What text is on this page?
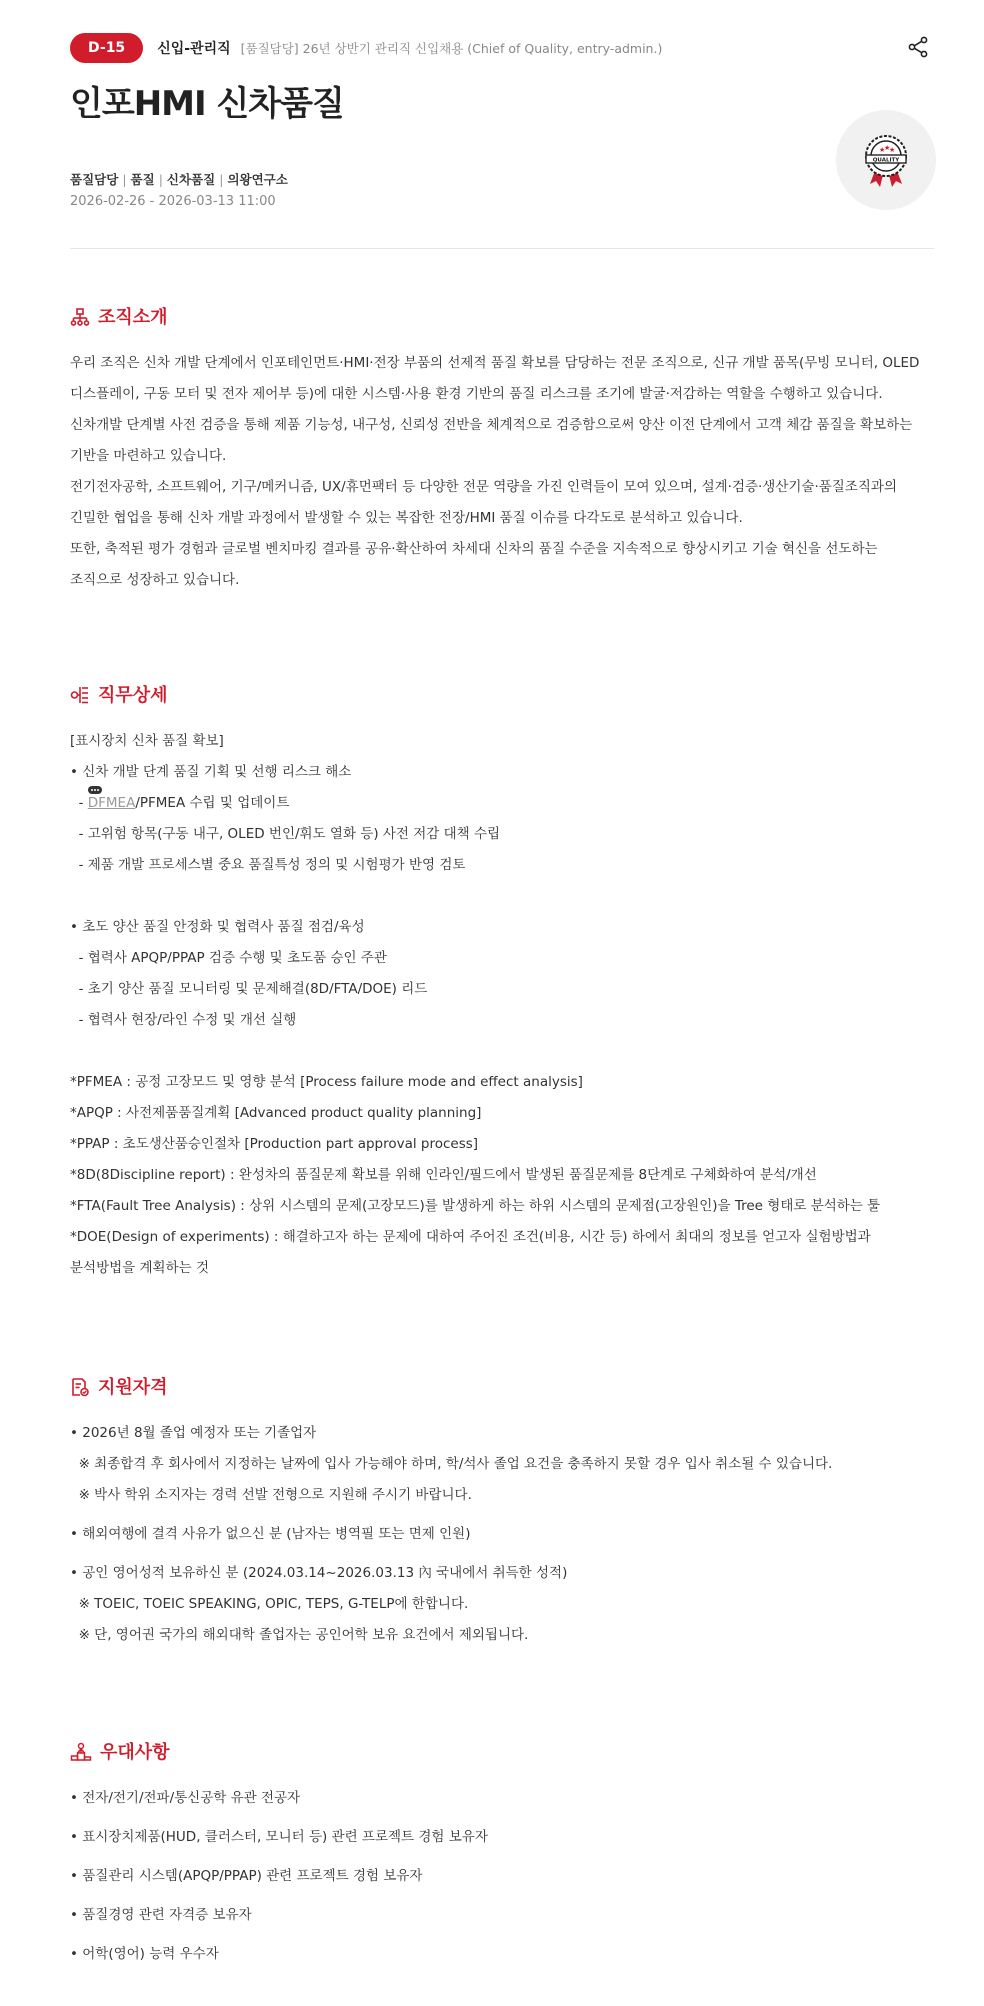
D-15 신입-관리직 [품질담당] 26년 상반기 관리직 신입채용 (Chief of Quality, entry-admin.)
인포HMI 신차품질
품질담당 | 품질 | 신차품질 | 의왕연구소
2026-02-26 - 2026-03-13 11:00
★
★
★
QUALITY
조직소개
우리 조직은 신차 개발 단계에서 인포테인먼트·HMI·전장 부품의 선제적 품질 확보를 담당하는 전문 조직으로, 신규 개발 품목(무빙 모니터, OLED
디스플레이, 구동 모터 및 전자 제어부 등)에 대한 시스템·사용 환경 기반의 품질 리스크를 조기에 발굴·저감하는 역할을 수행하고 있습니다.
신차개발 단계별 사전 검증을 통해 제품 기능성, 내구성, 신뢰성 전반을 체계적으로 검증함으로써 양산 이전 단계에서 고객 체감 품질을 확보하는
기반을 마련하고 있습니다.
전기전자공학, 소프트웨어, 기구/메커니즘, UX/휴먼팩터 등 다양한 전문 역량을 가진 인력들이 모여 있으며, 설계·검증·생산기술·품질조직과의
긴밀한 협업을 통해 신차 개발 과정에서 발생할 수 있는 복잡한 전장/HMI 품질 이슈를 다각도로 분석하고 있습니다.
또한, 축적된 평가 경험과 글로벌 벤치마킹 결과를 공유·확산하여 차세대 신차의 품질 수준을 지속적으로 향상시키고 기술 혁신을 선도하는
조직으로 성장하고 있습니다.
직무상세
[표시장치 신차 품질 확보]
• 신차 개발 단계 품질 기획 및 선행 리스크 해소
- DFMEA/PFMEA 수립 및 업데이트
- 고위험 항목(구동 내구, OLED 번인/휘도 열화 등) 사전 저감 대책 수립
- 제품 개발 프로세스별 중요 품질특성 정의 및 시험평가 반영 검토
• 초도 양산 품질 안정화 및 협력사 품질 점검/육성
- 협력사 APQP/PPAP 검증 수행 및 초도품 승인 주관
- 초기 양산 품질 모니터링 및 문제해결(8D/FTA/DOE) 리드
- 협력사 현장/라인 수정 및 개선 실행
*PFMEA : 공정 고장모드 및 영향 분석 [Process failure mode and effect analysis]
*APQP : 사전제품품질계획 [Advanced product quality planning]
*PPAP : 초도생산품승인절차 [Production part approval process]
*8D(8Discipline report) : 완성차의 품질문제 확보를 위해 인라인/필드에서 발생된 품질문제를 8단계로 구체화하여 분석/개선
*FTA(Fault Tree Analysis) : 상위 시스템의 문제(고장모드)를 발생하게 하는 하위 시스템의 문제점(고장원인)을 Tree 형태로 분석하는 툴
*DOE(Design of experiments) : 해결하고자 하는 문제에 대하여 주어진 조건(비용, 시간 등) 하에서 최대의 정보를 얻고자 실험방법과
분석방법을 계획하는 것
지원자격
• 2026년 8월 졸업 예정자 또는 기졸업자
※ 최종합격 후 회사에서 지정하는 날짜에 입사 가능해야 하며, 학/석사 졸업 요건을 충족하지 못할 경우 입사 취소될 수 있습니다.
※ 박사 학위 소지자는 경력 선발 전형으로 지원해 주시기 바랍니다.
• 해외여행에 결격 사유가 없으신 분 (남자는 병역필 또는 면제 인원)
• 공인 영어성적 보유하신 분 (2024.03.14~2026.03.13 內 국내에서 취득한 성적)
※ TOEIC, TOEIC SPEAKING, OPIC, TEPS, G-TELP에 한합니다.
※ 단, 영어권 국가의 해외대학 졸업자는 공인어학 보유 요건에서 제외됩니다.
우대사항
• 전자/전기/전파/통신공학 유관 전공자
• 표시장치제품(HUD, 클러스터, 모니터 등) 관련 프로젝트 경험 보유자
• 품질관리 시스템(APQP/PPAP) 관련 프로젝트 경험 보유자
• 품질경영 관련 자격증 보유자
• 어학(영어) 능력 우수자
